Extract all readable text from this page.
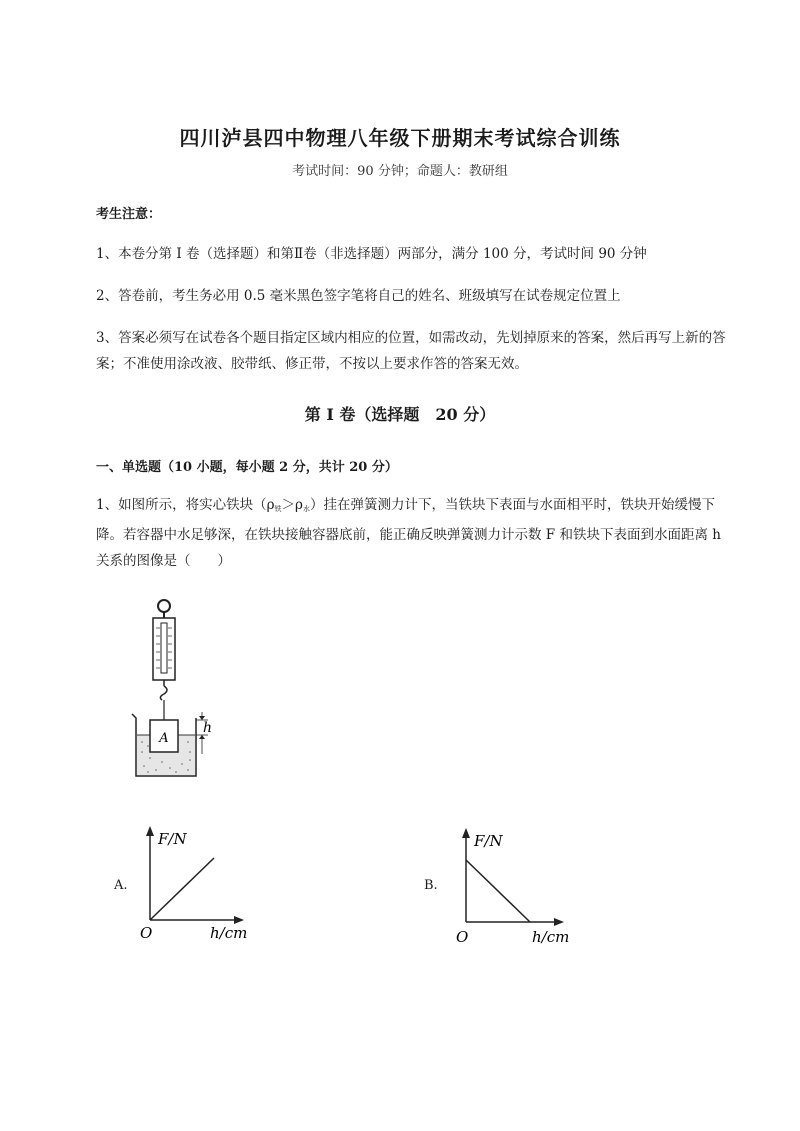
四川泸县四中物理八年级下册期末考试综合训练
考试时间：90 分钟；命题人：教研组
考生注意：
1、本卷分第 I 卷（选择题）和第Ⅱ卷（非选择题）两部分，满分 100 分，考试时间 90 分钟
2、答卷前，考生务必用 0.5 毫米黑色签字笔将自己的姓名、班级填写在试卷规定位置上
3、答案必须写在试卷各个题目指定区域内相应的位置，如需改动，先划掉原来的答案，然后再写上新的答案；不准使用涂改液、胶带纸、修正带，不按以上要求作答的答案无效。
第 I 卷（选择题　20 分）
一、单选题（10 小题，每小题 2 分，共计 20 分）
1、如图所示，将实心铁块$(\rho_铁>\rho_水)$挂在弹簧测力计下，当铁块下表面与水面相平时，铁块开始缓慢下降。若容器中水足够深，在铁块接触容器底前，能正确反映弹簧测力计示数 F 和铁块下表面到水面距离 h 关系的图像是（　　）
A
h
A.
F/N
O	h/cm
B.
F/N
O	h/cm
